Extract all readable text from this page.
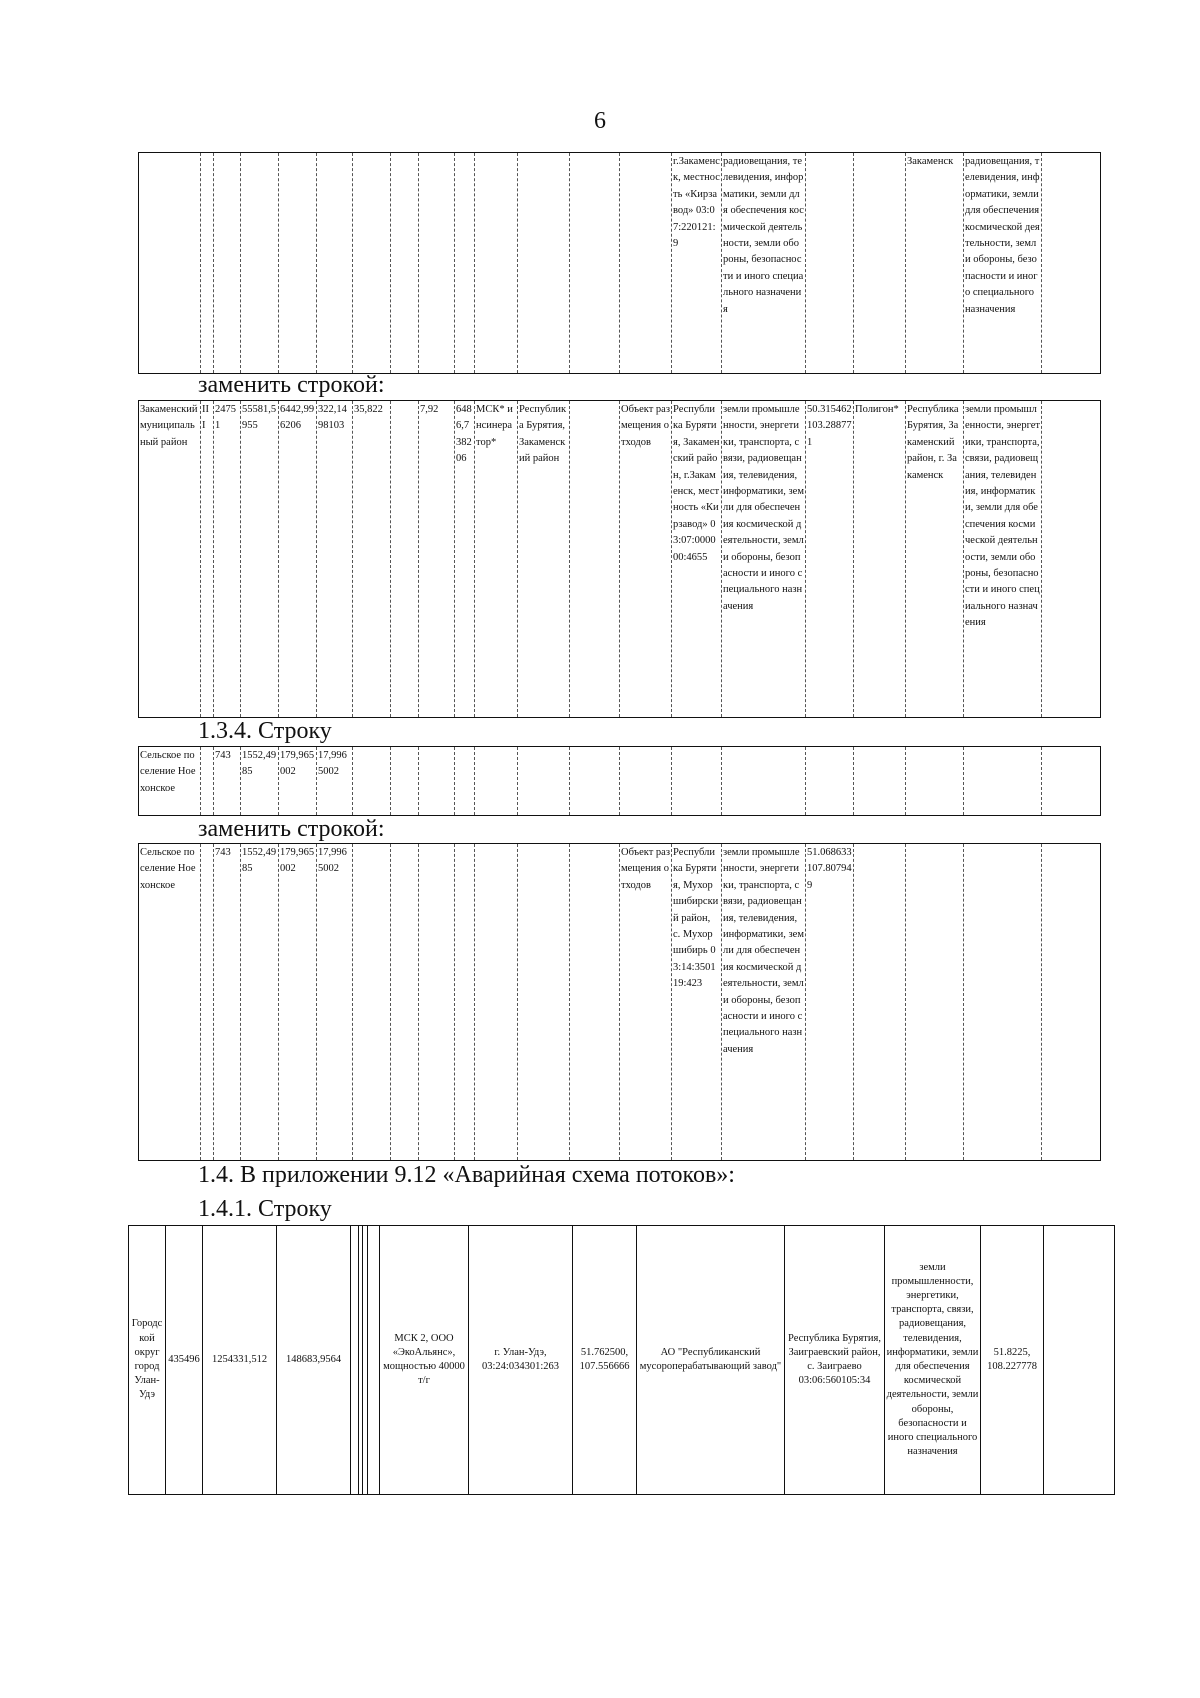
6
														г.Закаменск, местность «Кирзавод» 03:07:220121:9	радиовещания, телевидения, информатики, земли для обеспечения космической деятельности, земли обороны, безопасности и иного специального назначения			Закаменск	радиовещания, телевидения, информатики, земли для обеспечения космической деятельности, земли обороны, безопасности и иного специального назначения	
заменить строкой:
Закаменский муниципальный район	II I	2475 1	55581,5955	6442,996206	322,1498103	35,822		7,92	6486,738206	МСК* инсинератор*	Республика Бурятия, Закаменский район		Объект размещения отходов	Республика Бурятия, Закаменский район, г.Закаменск, местность «Кирзавод» 03:07:000000:4655	земли промышленности, энергетики, транспорта, связи, радиовещания, телевидения, информатики, земли для обеспечения космической деятельности, земли обороны, безопасности и иного специального назначения	50.315462 103.288771	Полигон*	Республика Бурятия, Закаменский район, г. Закаменск	земли промышленности, энергетики, транспорта, связи, радиовещания, телевидения, информатики, земли для обеспечения космической деятельности, земли обороны, безопасности и иного специального назначения	
1.3.4. Строку
Сельское поселение Ноехонское		743	1552,4985	179,965002	17,9965002															
заменить строкой:
Сельское поселение Ноехонское		743	1552,4985	179,965002	17,9965002								Объект размещения отходов	Республика Бурятия, Мухоршибирский район, с. Мухоршибирь 03:14:350119:423	земли промышленности, энергетики, транспорта, связи, радиовещания, телевидения, информатики, земли для обеспечения космической деятельности, земли обороны, безопасности и иного специального назначения	51.068633 107.807949				
1.4. В приложении 9.12 «Аварийная схема потоков»:
1.4.1. Строку
Городской округ город Улан-Удэ	435496	1254331,512	148683,9564					МСК 2, ООО «ЭкоАльянс», мощностью 40000 т/г	г. Улан-Удэ, 03:24:034301:263	51.762500, 107.556666	АО "Республиканский мусороперабатывающий завод"	Республика Бурятия, Заиграевский район, с. Заиграево 03:06:560105:34	земли промышленности, энергетики, транспорта, связи, радиовещания, телевидения, информатики, земли для обеспечения космической деятельности, земли обороны, безопасности и иного специального назначения	51.8225, 108.227778	
